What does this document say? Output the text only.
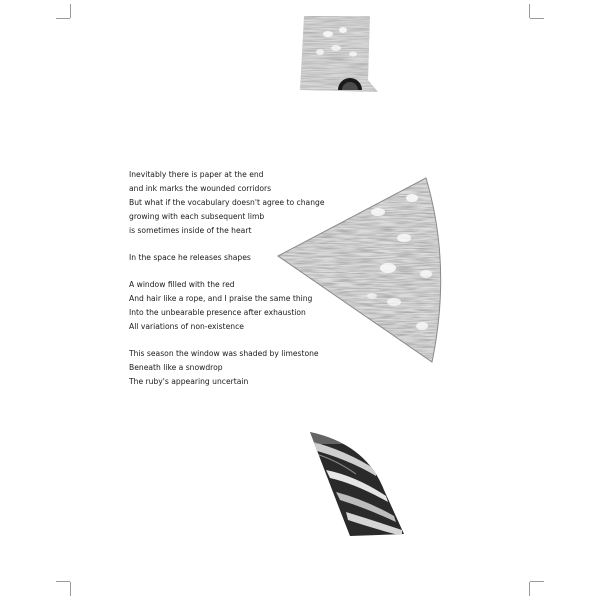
Inevitably there is paper at the end
and ink marks the wounded corridors
But what if the vocabulary doesn't agree to change
growing with each subsequent limb
is sometimes inside of the heart
In the space he releases shapes
A window filled with the red
And hair like a rope, and I praise the same thing
Into the unbearable presence after exhaustion
All variations of non-existence
This season the window was shaded by limestone
Beneath like a snowdrop
The ruby's appearing uncertain
